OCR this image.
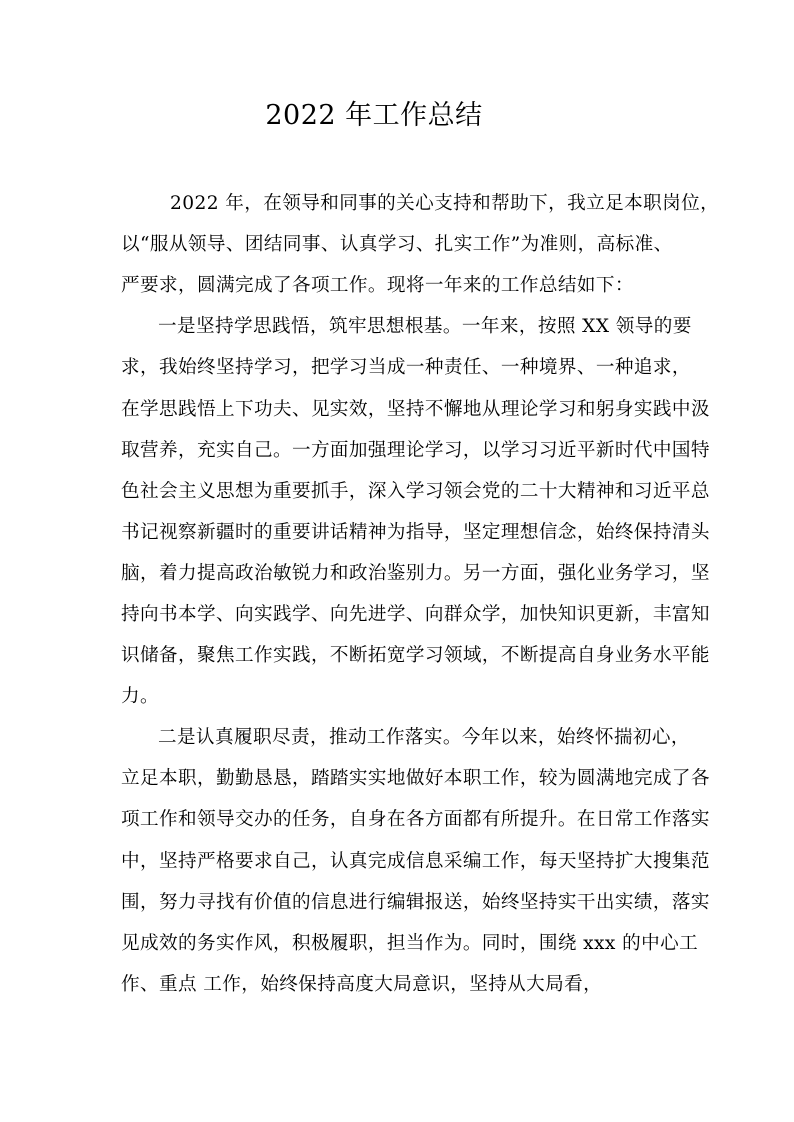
2022 年工作总结
2022 年，在领导和同事的关心支持和帮助下，我立足本职岗位，
以“服从领导、团结同事、认真学习、扎实工作”为准则，高标准、
严要求，圆满完成了各项工作。现将一年来的工作总结如下：
一是坚持学思践悟，筑牢思想根基。一年来，按照 XX 领导的要
求，我始终坚持学习，把学习当成一种责任、一种境界、一种追求，
在学思践悟上下功夫、见实效，坚持不懈地从理论学习和躬身实践中汲
取营养，充实自己。一方面加强理论学习，以学习习近平新时代中国特
色社会主义思想为重要抓手，深入学习领会党的二十大精神和习近平总
书记视察新疆时的重要讲话精神为指导，坚定理想信念，始终保持清头
脑，着力提高政治敏锐力和政治鉴别力。另一方面，强化业务学习，坚
持向书本学、向实践学、向先进学、向群众学，加快知识更新，丰富知
识储备，聚焦工作实践，不断拓宽学习领域，不断提高自身业务水平能
力。
二是认真履职尽责，推动工作落实。今年以来，始终怀揣初心，
立足本职，勤勤恳恳，踏踏实实地做好本职工作，较为圆满地完成了各
项工作和领导交办的任务，自身在各方面都有所提升。在日常工作落实
中，坚持严格要求自己，认真完成信息采编工作，每天坚持扩大搜集范
围，努力寻找有价值的信息进行编辑报送，始终坚持实干出实绩，落实
见成效的务实作风，积极履职，担当作为。同时，围绕 xxx 的中心工
作、重点 工作，始终保持高度大局意识，坚持从大局看，
